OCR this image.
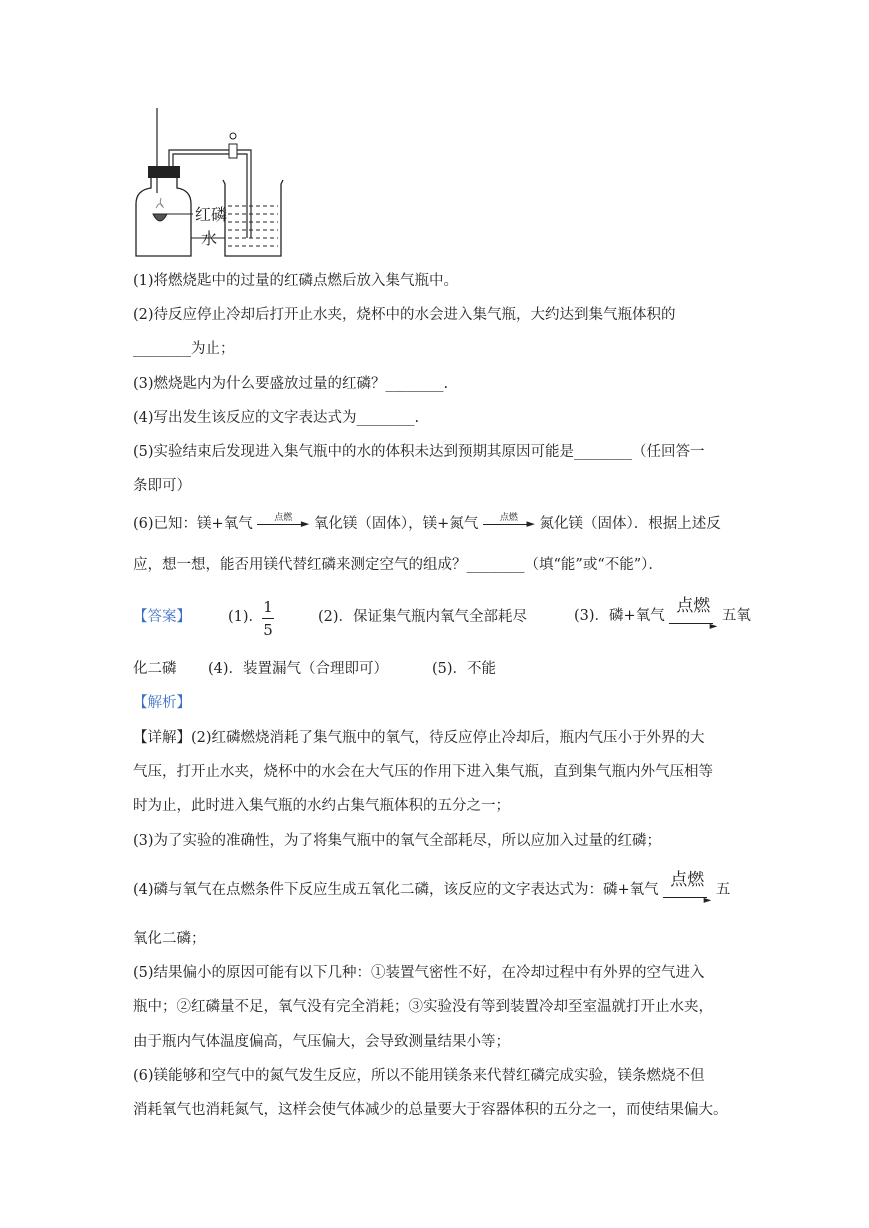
红磷
水
(1)将燃烧匙中的过量的红磷点燃后放入集气瓶中。
(2)待反应停止冷却后打开止水夹，烧杯中的水会进入集气瓶，大约达到集气瓶体积的
________为止；
(3)燃烧匙内为什么要盛放过量的红磷？________.
(4)写出发生该反应的文字表达式为________.
(5)实验结束后发现进入集气瓶中的水的体积未达到预期其原因可能是________（任回答一
条即可）
(6)已知：镁+氧气	点燃 ► 氧化镁（固体），镁+氮气	点燃 ► 氮化镁（固体）．根据上述反
应，想一想，能否用镁代替红磷来测定空气的组成？________（填“能”或“不能”）．
【答案】	(1)．
1
5
(2)．保证集气瓶内氧气全部耗尽	(3)．磷+氧气 点燃
►
五氧
化二磷 (4)．装置漏气（合理即可）	(5)．不能
【解析】
【详解】(2)红磷燃烧消耗了集气瓶中的氧气，待反应停止冷却后，瓶内气压小于外界的大
气压，打开止水夹，烧杯中的水会在大气压的作用下进入集气瓶，直到集气瓶内外气压相等
时为止，此时进入集气瓶的水约占集气瓶体积的五分之一；
(3)为了实验的准确性，为了将集气瓶中的氧气全部耗尽，所以应加入过量的红磷；
(4)磷与氧气在点燃条件下反应生成五氧化二磷，该反应的文字表达式为：磷+氧气 点燃
►
五
氧化二磷；
(5)结果偏小的原因可能有以下几种：①装置气密性不好，在冷却过程中有外界的空气进入
瓶中；②红磷量不足，氧气没有完全消耗；③实验没有等到装置冷却至室温就打开止水夹，
由于瓶内气体温度偏高，气压偏大，会导致测量结果小等；
(6)镁能够和空气中的氮气发生反应，所以不能用镁条来代替红磷完成实验，镁条燃烧不但
消耗氧气也消耗氮气，这样会使气体减少的总量要大于容器体积的五分之一，而使结果偏大。
